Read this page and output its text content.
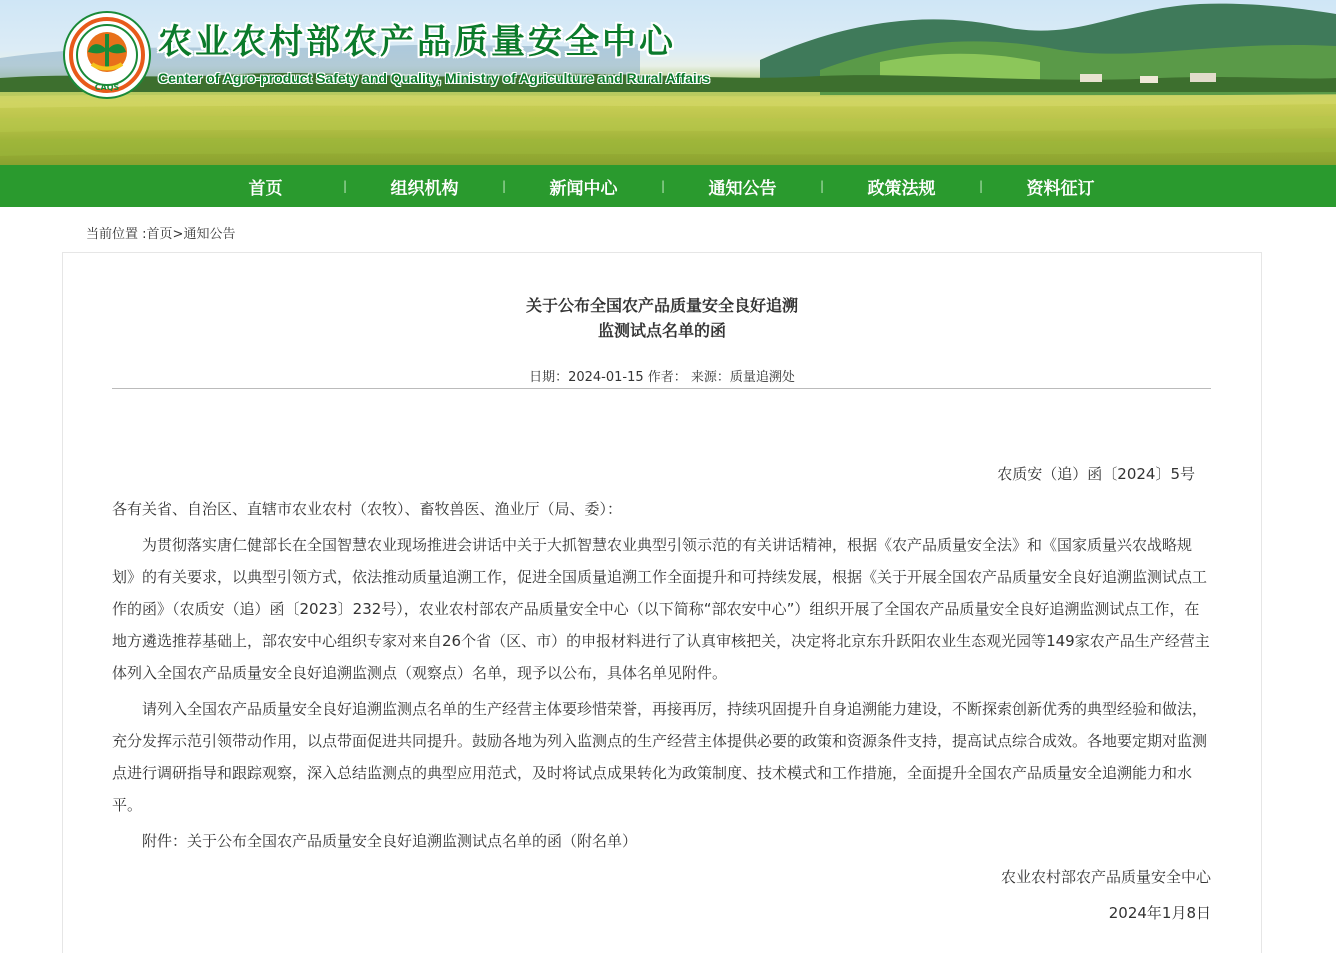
CAQS
农业农村部农产品质量安全中心
Center of Agro-product Safety and Quality, Ministry of Agriculture and Rural Affairs
首页	|	组织机构	|	新闻中心	|	通知公告	|	政策法规	|	资料征订
当前位置 :首页>通知公告
关于公布全国农产品质量安全良好追溯
监测试点名单的函
日期：2024-01-15 作者： 来源：质量追溯处
农质安（追）函〔2024〕5号

各有关省、自治区、直辖市农业农村（农牧）、畜牧兽医、渔业厅（局、委）：

为贯彻落实唐仁健部长在全国智慧农业现场推进会讲话中关于大抓智慧农业典型引领示范的有关讲话精神，根据《农产品质量安全法》和《国家质量兴农战略规划》的有关要求，以典型引领方式，依法推动质量追溯工作，促进全国质量追溯工作全面提升和可持续发展，根据《关于开展全国农产品质量安全良好追溯监测试点工作的函》（农质安（追）函〔2023〕232号），农业农村部农产品质量安全中心（以下简称“部农安中心”）组织开展了全国农产品质量安全良好追溯监测试点工作，在地方遴选推荐基础上，部农安中心组织专家对来自26个省（区、市）的申报材料进行了认真审核把关，决定将北京东升跃阳农业生态观光园等149家农产品生产经营主体列入全国农产品质量安全良好追溯监测点（观察点）名单，现予以公布，具体名单见附件。

请列入全国农产品质量安全良好追溯监测点名单的生产经营主体要珍惜荣誉，再接再厉，持续巩固提升自身追溯能力建设，不断探索创新优秀的典型经验和做法，充分发挥示范引领带动作用，以点带面促进共同提升。鼓励各地为列入监测点的生产经营主体提供必要的政策和资源条件支持，提高试点综合成效。各地要定期对监测点进行调研指导和跟踪观察，深入总结监测点的典型应用范式，及时将试点成果转化为政策制度、技术模式和工作措施，全面提升全国农产品质量安全追溯能力和水平。

附件：关于公布全国农产品质量安全良好追溯监测试点名单的函（附名单）

农业农村部农产品质量安全中心

2024年1月8日
